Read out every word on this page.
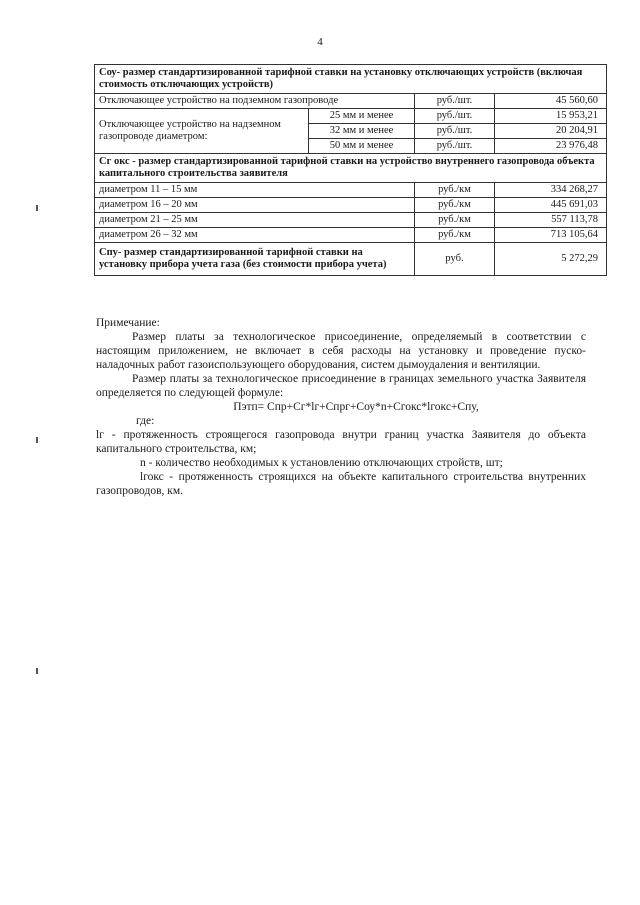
4
Соу- размер стандартизированной тарифной ставки на установку отключающих устройств (включая стоимость отключающих устройств)			
Отключающее устройство на подземном газопроводе		руб./шт.	45 560,60
Отключающее устройство на надземном газопроводе диаметром:	25 мм и менее	руб./шт.	15 953,21
	32 мм и менее	руб./шт.	20 204,91
	50 мм и менее	руб./шт.	23 976,48
Сг окс - размер стандартизированной тарифной ставки на устройство внутреннего газопровода объекта капитального строительства заявителя			
диаметром 11 – 15 мм		руб./км	334 268,27
диаметром 16 – 20 мм		руб./км	445 691,03
диаметром 21 – 25 мм		руб./км	557 113,78
диаметром 26 – 32 мм		руб./км	713 105,64
Спу- размер стандартизированной тарифной ставки на установку прибора учета газа (без стоимости прибора учета)		руб.	5 272,29

Примечание:

Размер платы за технологическое присоединение, определяемый в соответствии с настоящим приложением, не включает в себя расходы на установку и проведение пуско-наладочных работ газоиспользующего оборудования, систем дымоудаления и вентиляции.

Размер платы за технологическое присоединение в границах земельного участка Заявителя определяется по следующей формуле:

Пэтп= Спр+Сг*lг+Спрг+Соу*n+Сгокс*lгокс+Спу,

где:

lг - протяженность строящегося газопровода внутри границ участка Заявителя до объекта капитального строительства, км;

n - количество необходимых к установлению отключающих стройств, шт;

lгокс - протяженность строящихся на объекте капитального строительства внутренних газопроводов, км.
